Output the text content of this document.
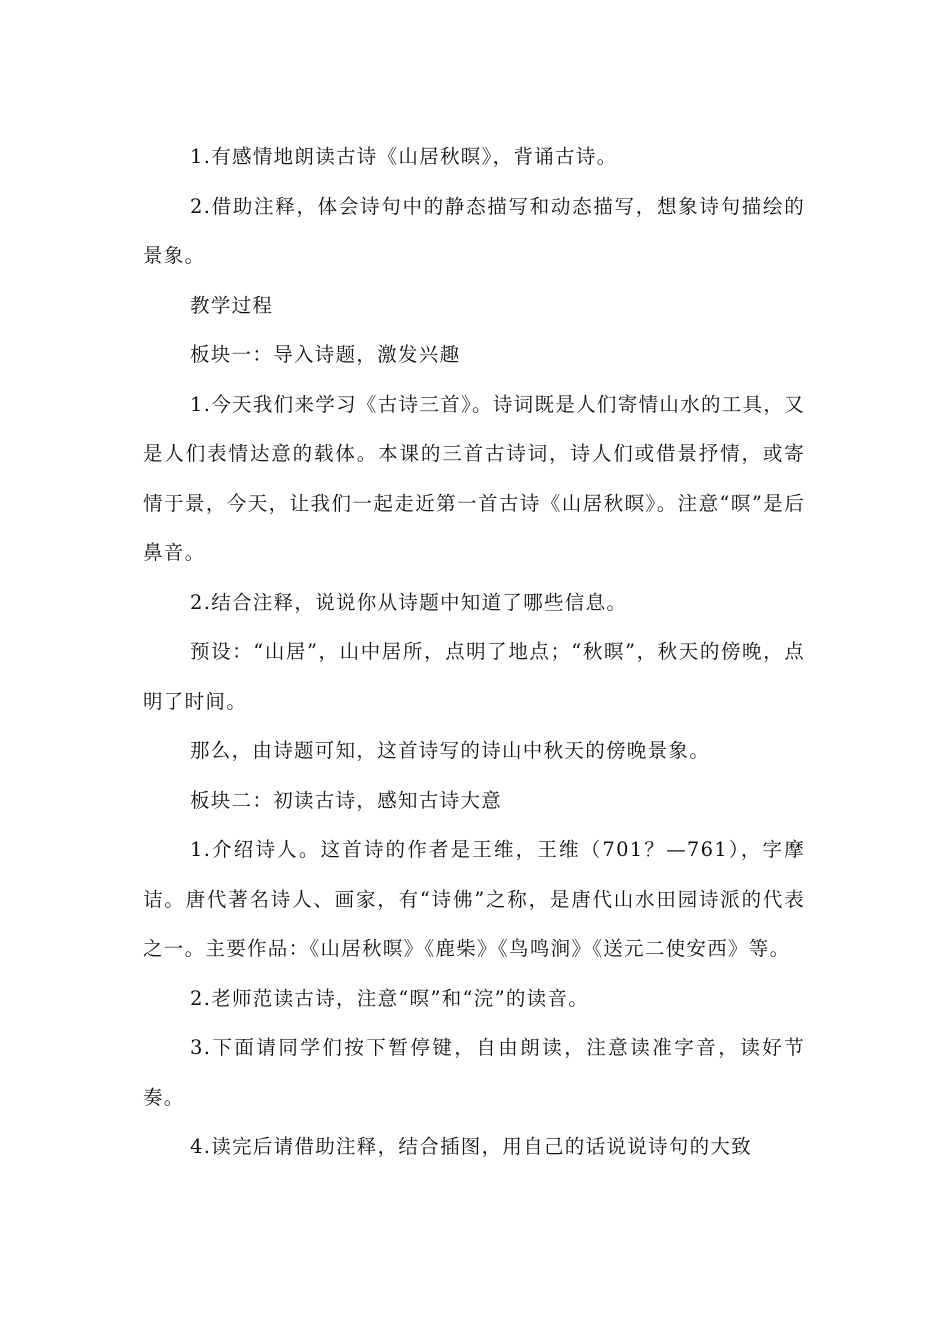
1.有感情地朗读古诗《山居秋暝》，背诵古诗。

2.借助注释，体会诗句中的静态描写和动态描写，想象诗句描绘的景象。

教学过程

板块一：导入诗题，激发兴趣

1.今天我们来学习《古诗三首》。诗词既是人们寄情山水的工具，又是人们表情达意的载体。本课的三首古诗词，诗人们或借景抒情，或寄情于景，今天，让我们一起走近第一首古诗《山居秋暝》。注意“暝”是后鼻音。

2.结合注释，说说你从诗题中知道了哪些信息。

预设：“山居”，山中居所，点明了地点；“秋暝”，秋天的傍晚，点明了时间。

那么，由诗题可知，这首诗写的诗山中秋天的傍晚景象。

板块二：初读古诗，感知古诗大意

1.介绍诗人。这首诗的作者是王维，王维（701？—761），字摩诘。唐代著名诗人、画家，有“诗佛”之称，是唐代山水田园诗派的代表之一。主要作品：《山居秋暝》《鹿柴》《鸟鸣涧》《送元二使安西》等。

2.老师范读古诗，注意“暝”和“浣”的读音。

3.下面请同学们按下暂停键，自由朗读，注意读准字音，读好节奏。

4.读完后请借助注释，结合插图，用自己的话说说诗句的大致
